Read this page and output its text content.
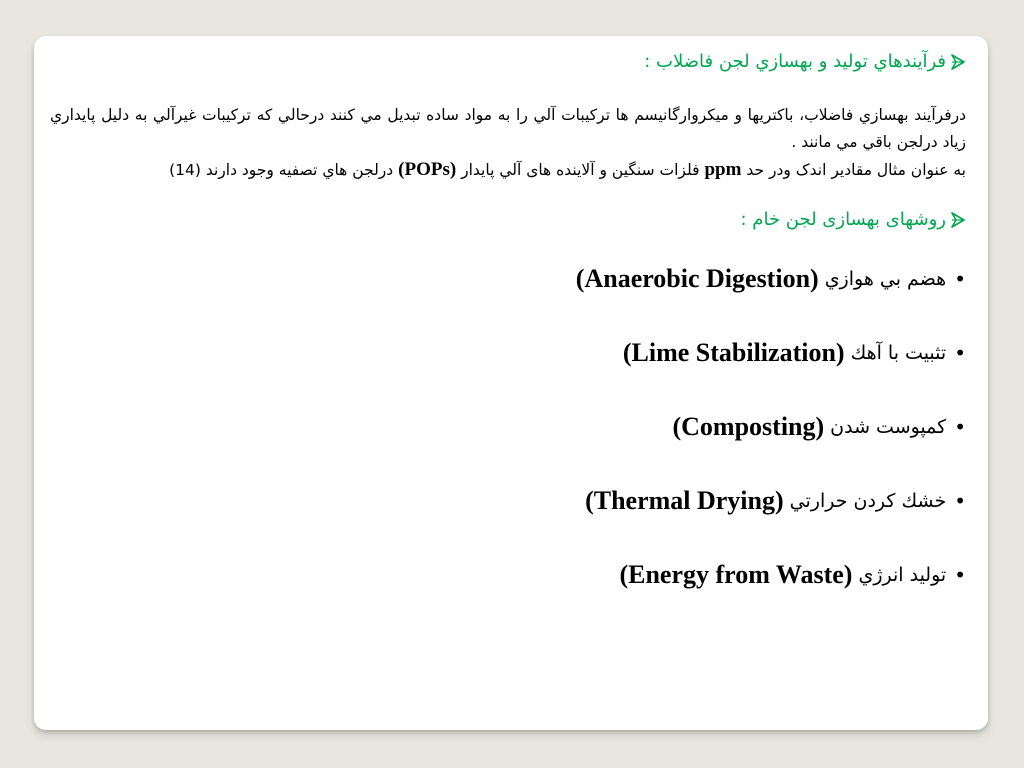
فرآيندهاي توليد و بهسازي لجن فاضلاب :

درفرآيند بهسازي فاضلاب، باکتریها و میکروارگانیسم ها ترکیبات آلي را به مواد ساده تبديل مي کنند درحالي که ترکيبات غيرآلي به دليل پايداري زياد درلجن باقي مي مانند .

به عنوان مثال مقادیر اندک ودر حد ppm فلزات سنگین و آلاینده های آلي پايدار (POPs) درلجن هاي تصفيه وجود دارند (14)

روشهای بهسازی لجن خام :

•
هضم بي هوازي
(Anaerobic Digestion)
•
تثبيت با آهك
(Lime Stabilization)
•
کمپوست شدن
(Composting)
•
خشك كردن حرارتي
(Thermal Drying)
•
توليد انرژي
(Energy from Waste)
